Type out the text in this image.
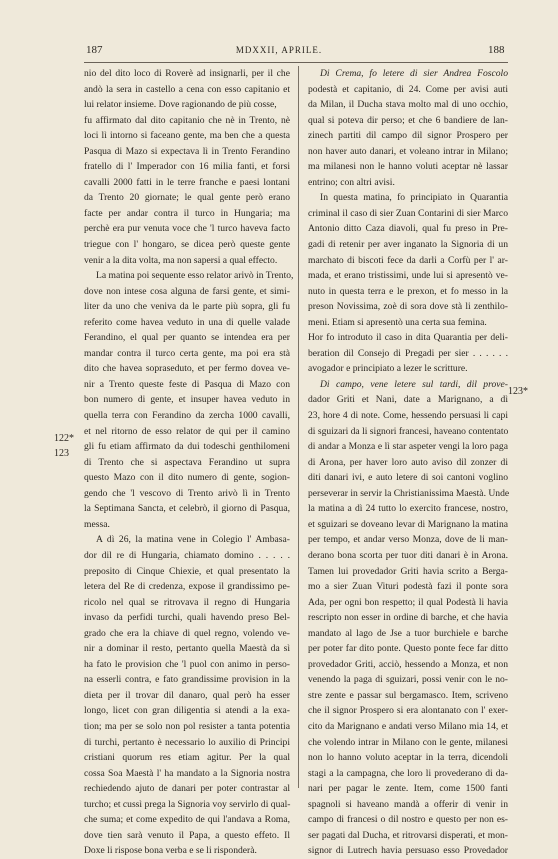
187	MDXXII, APRILE.	188
nio del dito loco di Roverè ad insignarli, per il che
andò la sera in castello a cena con esso capitanio et
lui relator insieme. Dove ragionando de più cosse,
fu affirmato dal dito capitanio che nè in Trento, nè
loci lì intorno si faceano gente, ma ben che a questa
Pasqua di Mazo si expectava lì in Trento Ferandino
fratello di l' Imperador con 16 milia fanti, et forsi
cavalli 2000 fatti in le terre franche e paesi lontani
da Trento 20 giornate; le qual gente però erano
facte per andar contra il turco in Hungaria; ma
perchè era pur venuta voce che 'l turco haveva facto
triegue con l' hongaro, se dicea però queste gente
venir a la dita volta, ma non sapersi a qual effecto.
La matina poi sequente esso relator arivò in Trento,
dove non intese cosa alguna de farsi gente, et simi-
liter da uno che veniva da le parte più sopra, gli fu
referito come havea veduto in una di quelle valade
Ferandino, el qual per quanto se intendea era per
mandar contra il turco certa gente, ma poi era stà
dito che havea sopraseduto, et per fermo dovea ve-
nir a Trento queste feste di Pasqua di Mazo con
bon numero di gente, et insuper havea veduto in
quella terra con Ferandino da zercha 1000 cavalli,
et nel ritorno de esso relator de qui per il camino
gli fu etiam affirmato da dui todeschi genthilomeni
di Trento che si aspectava Ferandino ut supra
questo Mazo con il dito numero di gente, sogion-
gendo che 'l vescovo di Trento arivò lì in Trento
la Septimana Sancta, et celebrò, il giorno di Pasqua,
messa.
A dì 26, la matina vene in Colegio l' Ambasa-
dor dil re di Hungaria, chiamato domino . . . . .
preposito di Cinque Chiexie, et qual presentato la
letera del Re di credenza, expose il grandissimo pe-
ricolo nel qual se ritrovava il regno di Hungaria
invaso da perfidi turchi, quali havendo preso Bel-
grado che era la chiave di quel regno, volendo ve-
nir a dominar il resto, pertanto quella Maestà da sì
ha fato le provision che 'l puol con animo in perso-
na esserli contra, e fato grandissime provision in la
dieta per il trovar dil danaro, qual però ha esser
longo, licet con gran diligentia si atendi a la exa-
tion; ma per se solo non pol resister a tanta potentia
di turchi, pertanto è necessario lo auxilio di Principi
cristiani quorum res etiam agitur. Per la qual
cossa Soa Maestà l' ha mandato a la Signoria nostra
rechiedendo ajuto de danari per poter contrastar al
turcho; et cussì prega la Signoria voy servirlo di qual-
che suma; et come expedito de qui l'andava a Roma,
dove tien sarà venuto il Papa, a questo effeto. Il
Doxe li rispose bona verba e se li risponderà.
Di Crema, fo letere di sier Andrea Foscolo
podestà et capitanio, di 24. Come per avisi auti
da Milan, il Ducha stava molto mal di uno occhio,
qual si poteva dir perso; et che 6 bandiere de lan-
zinech partiti dil campo dil signor Prospero per
non haver auto danari, et voleano intrar in Milano;
ma milanesi non le hanno voluti aceptar nè lassar
entrino; con altri avisi.
In questa matina, fo principiato in Quarantia
criminal il caso di sier Zuan Contarini di sier Marco
Antonio ditto Caza diavoli, qual fu preso in Pre-
gadi di retenir per aver inganato la Signoria di un
marchato di biscoti fece da darli a Corfù per l' ar-
mada, et erano tristissimi, unde lui si apresentò ve-
nuto in questa terra e le prexon, et fo messo in la
preson Novissima, zoè di sora dove stà li zenthilo-
meni. Etiam si apresentò una certa sua femina.
Hor fo introduto il caso in dita Quarantia per deli-
beration dil Consejo di Pregadi per sier . . . . . .
avogador e principiato a lezer le scritture.
Di campo, vene letere sul tardi, dil prove-
dador Griti et Nani, date a Marignano, a dì
23, hore 4 di note. Come, hessendo persuasi li capi
di sguizari da li signori francesi, haveano contentato
di andar a Monza e lì star aspeter vengi la loro paga
di Arona, per haver loro auto aviso dil zonzer di
diti danari ivi, e auto letere di soi cantoni voglino
perseverar in servir la Christianissima Maestà. Unde
la matina a dì 24 tutto lo exercito francese, nostro,
et sguizari se doveano levar di Marignano la matina
per tempo, et andar verso Monza, dove de li man-
derano bona scorta per tuor diti danari è in Arona.
Tamen lui provedador Griti havia scrito a Berga-
mo a sier Zuan Vituri podestà fazi il ponte sora
Ada, per ogni bon respetto; il qual Podestà li havia
rescripto non esser in ordine di barche, et che havia
mandato al lago de Jse a tuor burchiele e barche
per poter far dito ponte. Questo ponte fece far ditto
provedador Griti, acciò, hessendo a Monza, et non
venendo la paga di sguizari, possi venir con le no-
stre zente e passar sul bergamasco. Item, scriveno
che il signor Prospero si era alontanato con l' exer-
cito da Marignano e andati verso Milano mia 14, et
che volendo intrar in Milano con le gente, milanesi
non lo hanno voluto aceptar in la terra, dicendoli
stagi a la campagna, che loro li provederano di da-
nari per pagar le zente. Item, come 1500 fanti
spagnoli si haveano mandà a offerir di venir in
campo di francesi o dil nostro e questo per non es-
ser pagati dal Ducha, et ritrovarsi disperati, et mon-
signor di Lutrech havia persuaso esso Provedador
122*
123
123*
